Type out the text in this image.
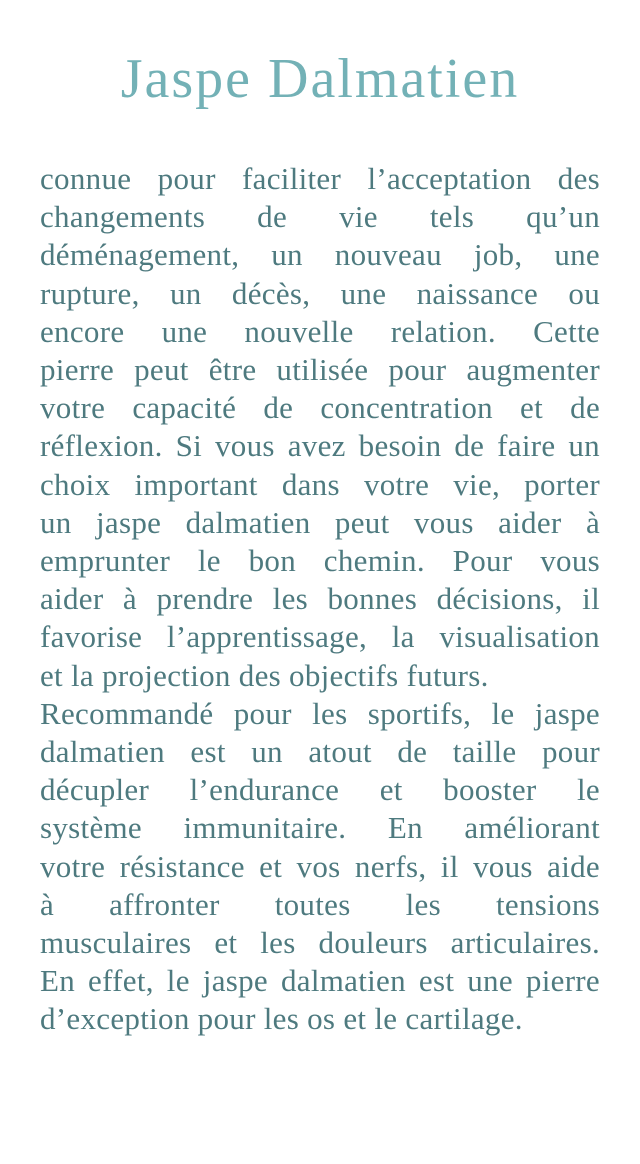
Jaspe Dalmatien

connue pour faciliter l’acceptation des
changements de vie tels qu’un
déménagement, un nouveau job, une
rupture, un décès, une naissance ou
encore une nouvelle relation. Cette
pierre peut être utilisée pour augmenter
votre capacité de concentration et de
réflexion. Si vous avez besoin de faire un
choix important dans votre vie, porter
un jaspe dalmatien peut vous aider à
emprunter le bon chemin. Pour vous
aider à prendre les bonnes décisions, il
favorise l’apprentissage, la visualisation
et la projection des objectifs futurs.

Recommandé pour les sportifs, le jaspe
dalmatien est un atout de taille pour
décupler l’endurance et booster le
système immunitaire. En améliorant
votre résistance et vos nerfs, il vous aide
à affronter toutes les tensions
musculaires et les douleurs articulaires.
En effet, le jaspe dalmatien est une pierre
d’exception pour les os et le cartilage.
